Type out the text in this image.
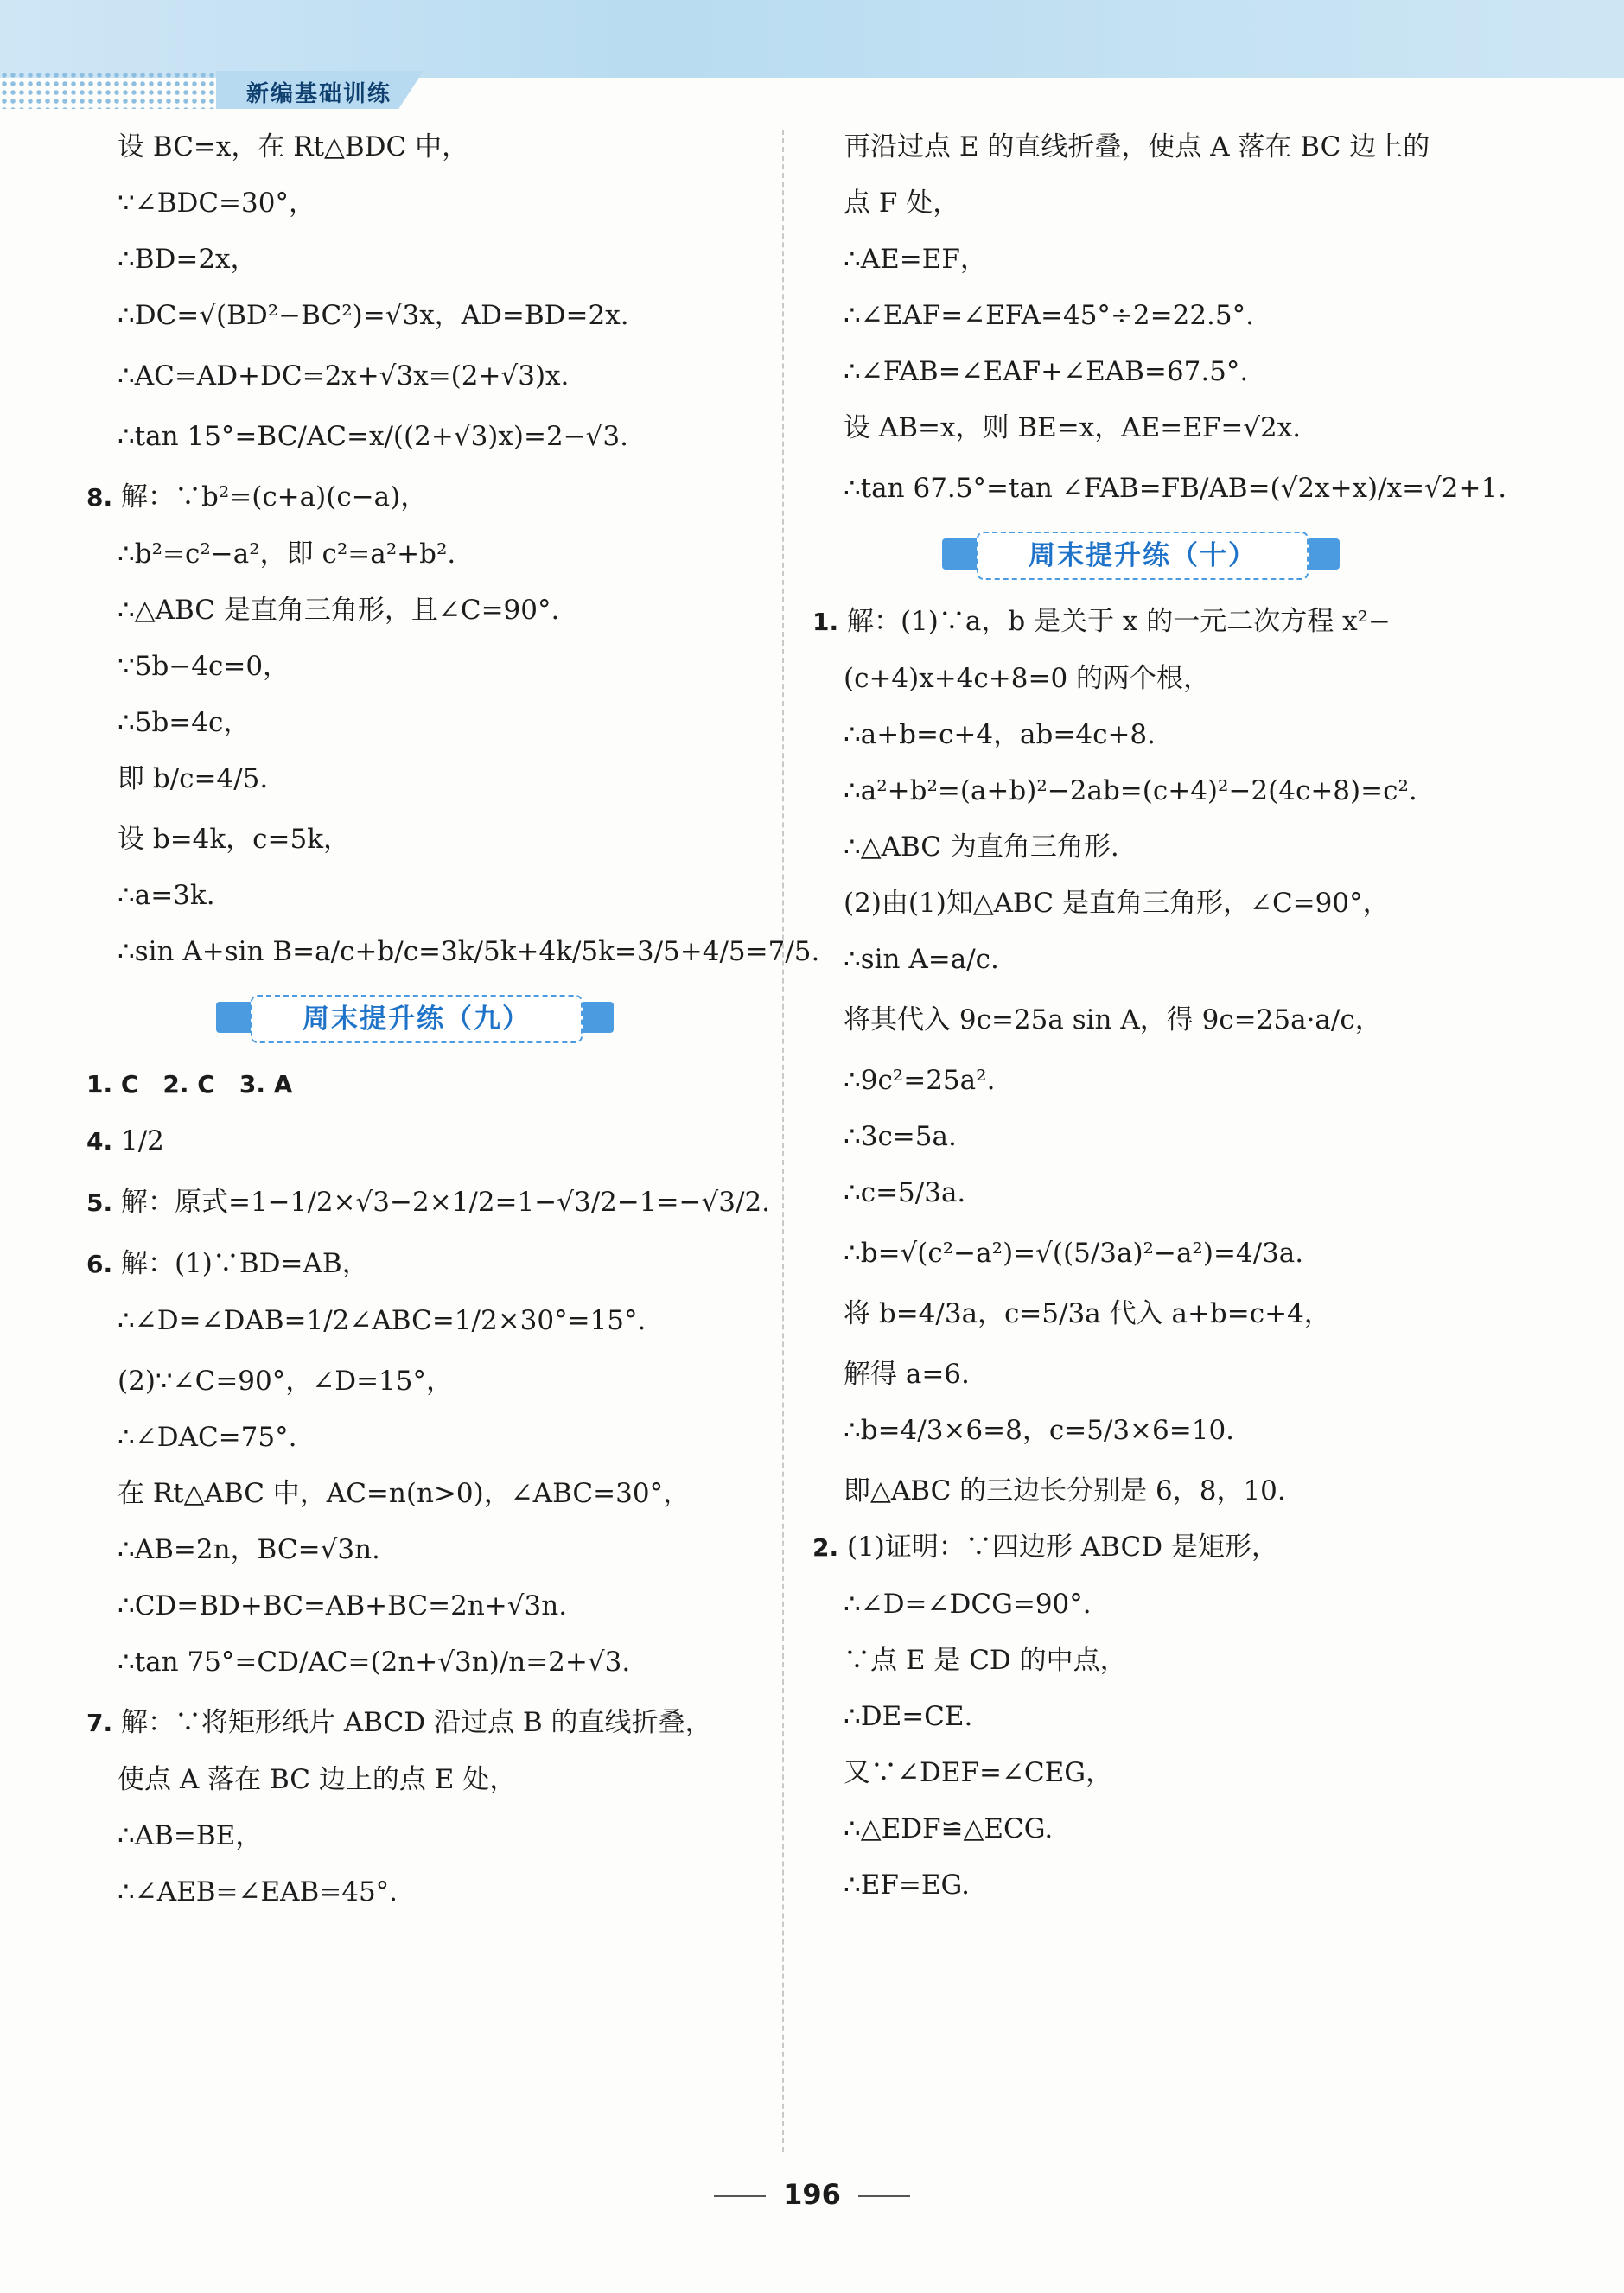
新编基础训练
设 BC=x，在 Rt△BDC 中，
∵∠BDC=30°，
∴BD=2x，
∴DC=√(BD²−BC²)=√3x，AD=BD=2x.
∴AC=AD+DC=2x+√3x=(2+√3)x.
∴tan 15°=BC/AC=x/((2+√3)x)=2−√3.
8. 解：∵b²=(c+a)(c−a)，
∴b²=c²−a²，即 c²=a²+b².
∴△ABC 是直角三角形，且∠C=90°.
∵5b−4c=0，
∴5b=4c，
即 b/c=4/5.
设 b=4k，c=5k，
∴a=3k.
∴sin A+sin B=a/c+b/c=3k/5k+4k/5k=3/5+4/5=7/5.
周末提升练（九）
1. C　2. C　3. A
4. 1/2
5. 解：原式=1−1/2×√3−2×1/2=1−√3/2−1=−√3/2.
6. 解：(1)∵BD=AB，
∴∠D=∠DAB=1/2∠ABC=1/2×30°=15°.
(2)∵∠C=90°，∠D=15°，
∴∠DAC=75°.
在 Rt△ABC 中，AC=n(n>0)，∠ABC=30°，
∴AB=2n，BC=√3n.
∴CD=BD+BC=AB+BC=2n+√3n.
∴tan 75°=CD/AC=(2n+√3n)/n=2+√3.
7. 解：∵将矩形纸片 ABCD 沿过点 B 的直线折叠，
使点 A 落在 BC 边上的点 E 处，
∴AB=BE，
∴∠AEB=∠EAB=45°.
再沿过点 E 的直线折叠，使点 A 落在 BC 边上的
点 F 处，
∴AE=EF，
∴∠EAF=∠EFA=45°÷2=22.5°.
∴∠FAB=∠EAF+∠EAB=67.5°.
设 AB=x，则 BE=x，AE=EF=√2x.
∴tan 67.5°=tan ∠FAB=FB/AB=(√2x+x)/x=√2+1.
周末提升练（十）
1. 解：(1)∵a，b 是关于 x 的一元二次方程 x²−
(c+4)x+4c+8=0 的两个根，
∴a+b=c+4，ab=4c+8.
∴a²+b²=(a+b)²−2ab=(c+4)²−2(4c+8)=c².
∴△ABC 为直角三角形.
(2)由(1)知△ABC 是直角三角形，∠C=90°，
∴sin A=a/c.
将其代入 9c=25a sin A，得 9c=25a·a/c，
∴9c²=25a².
∴3c=5a.
∴c=5/3a.
∴b=√(c²−a²)=√((5/3a)²−a²)=4/3a.
将 b=4/3a，c=5/3a 代入 a+b=c+4，
解得 a=6.
∴b=4/3×6=8，c=5/3×6=10.
即△ABC 的三边长分别是 6，8，10.
2. (1)证明：∵四边形 ABCD 是矩形，
∴∠D=∠DCG=90°.
∵点 E 是 CD 的中点，
∴DE=CE.
又∵∠DEF=∠CEG，
∴△EDF≌△ECG.
∴EF=EG.
196
